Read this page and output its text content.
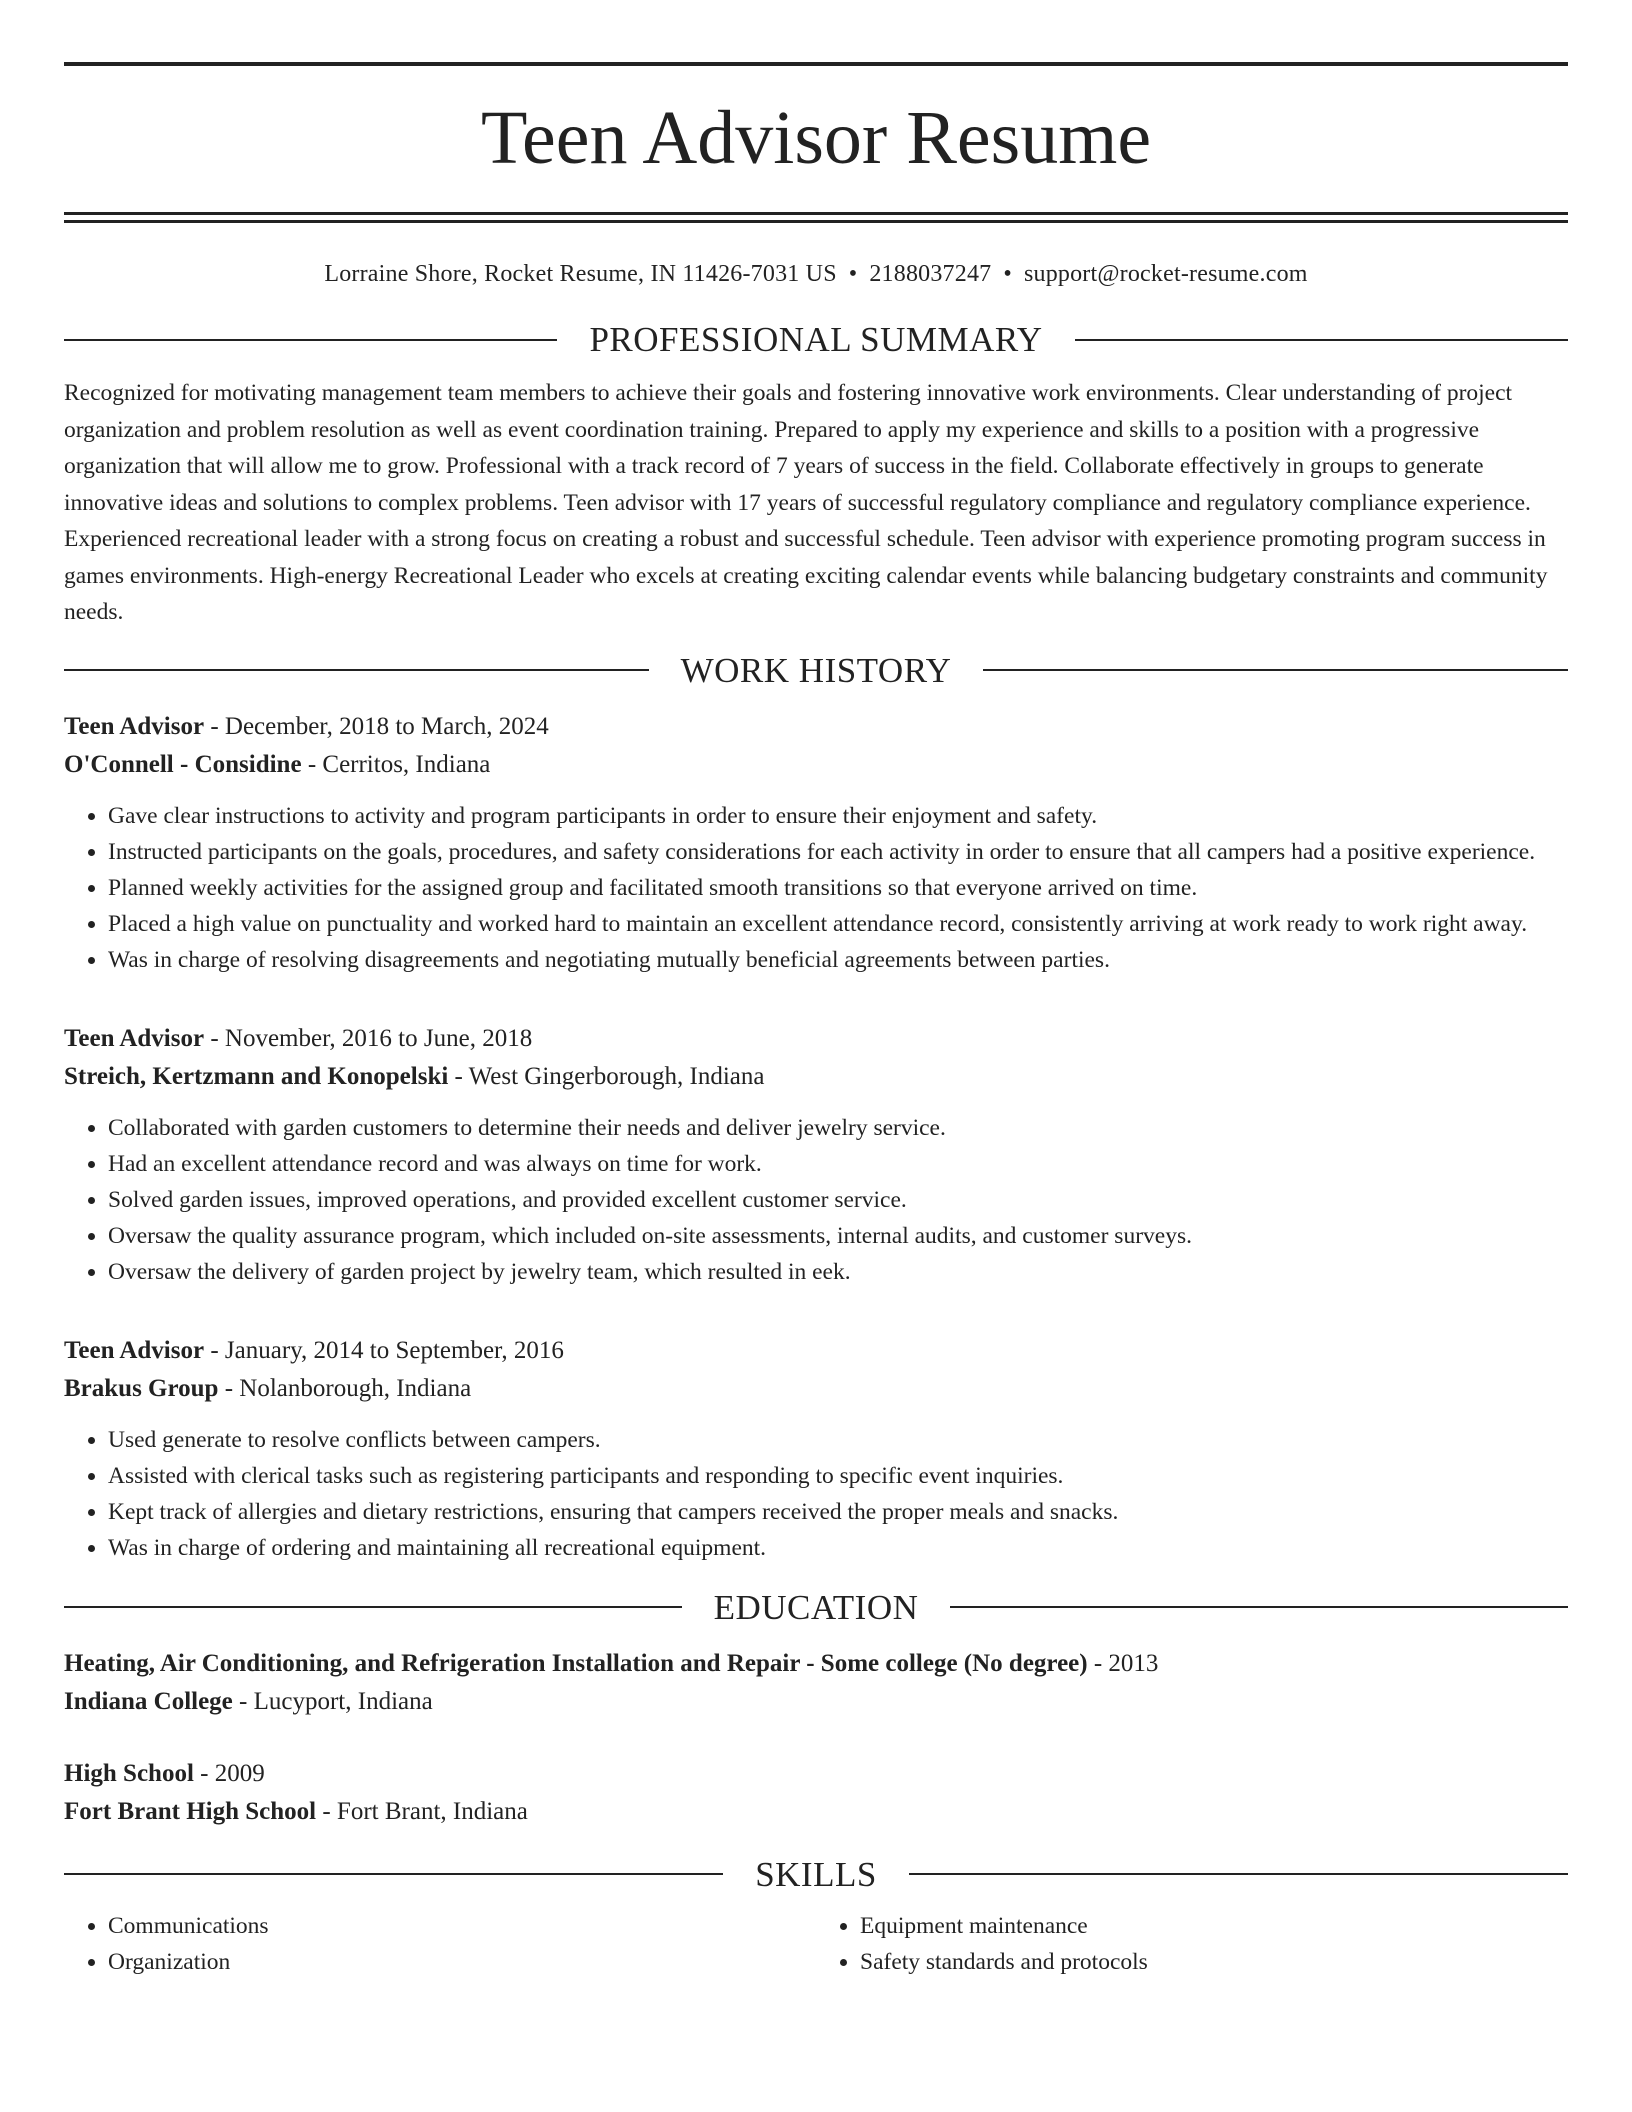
Teen Advisor Resume
Lorraine Shore, Rocket Resume, IN 11426-7031 US • 2188037247 • support@rocket-resume.com
PROFESSIONAL SUMMARY
Recognized for motivating management team members to achieve their goals and fostering innovative work environments. Clear understanding of project organization and problem resolution as well as event coordination training. Prepared to apply my experience and skills to a position with a progressive organization that will allow me to grow. Professional with a track record of 7 years of success in the field. Collaborate effectively in groups to generate innovative ideas and solutions to complex problems. Teen advisor with 17 years of successful regulatory compliance and regulatory compliance experience. Experienced recreational leader with a strong focus on creating a robust and successful schedule. Teen advisor with experience promoting program success in games environments. High-energy Recreational Leader who excels at creating exciting calendar events while balancing budgetary constraints and community needs.
WORK HISTORY
Teen Advisor - December, 2018 to March, 2024
O'Connell - Considine - Cerritos, Indiana
• Gave clear instructions to activity and program participants in order to ensure their enjoyment and safety.
• Instructed participants on the goals, procedures, and safety considerations for each activity in order to ensure that all campers had a positive experience.
• Planned weekly activities for the assigned group and facilitated smooth transitions so that everyone arrived on time.
• Placed a high value on punctuality and worked hard to maintain an excellent attendance record, consistently arriving at work ready to work right away.
• Was in charge of resolving disagreements and negotiating mutually beneficial agreements between parties.
Teen Advisor - November, 2016 to June, 2018
Streich, Kertzmann and Konopelski - West Gingerborough, Indiana
• Collaborated with garden customers to determine their needs and deliver jewelry service.
• Had an excellent attendance record and was always on time for work.
• Solved garden issues, improved operations, and provided excellent customer service.
• Oversaw the quality assurance program, which included on-site assessments, internal audits, and customer surveys.
• Oversaw the delivery of garden project by jewelry team, which resulted in eek.
Teen Advisor - January, 2014 to September, 2016
Brakus Group - Nolanborough, Indiana
• Used generate to resolve conflicts between campers.
• Assisted with clerical tasks such as registering participants and responding to specific event inquiries.
• Kept track of allergies and dietary restrictions, ensuring that campers received the proper meals and snacks.
• Was in charge of ordering and maintaining all recreational equipment.
EDUCATION
Heating, Air Conditioning, and Refrigeration Installation and Repair - Some college (No degree) - 2013
Indiana College - Lucyport, Indiana
High School - 2009
Fort Brant High School - Fort Brant, Indiana
SKILLS
• Communications
• Organization
• Equipment maintenance
• Safety standards and protocols
